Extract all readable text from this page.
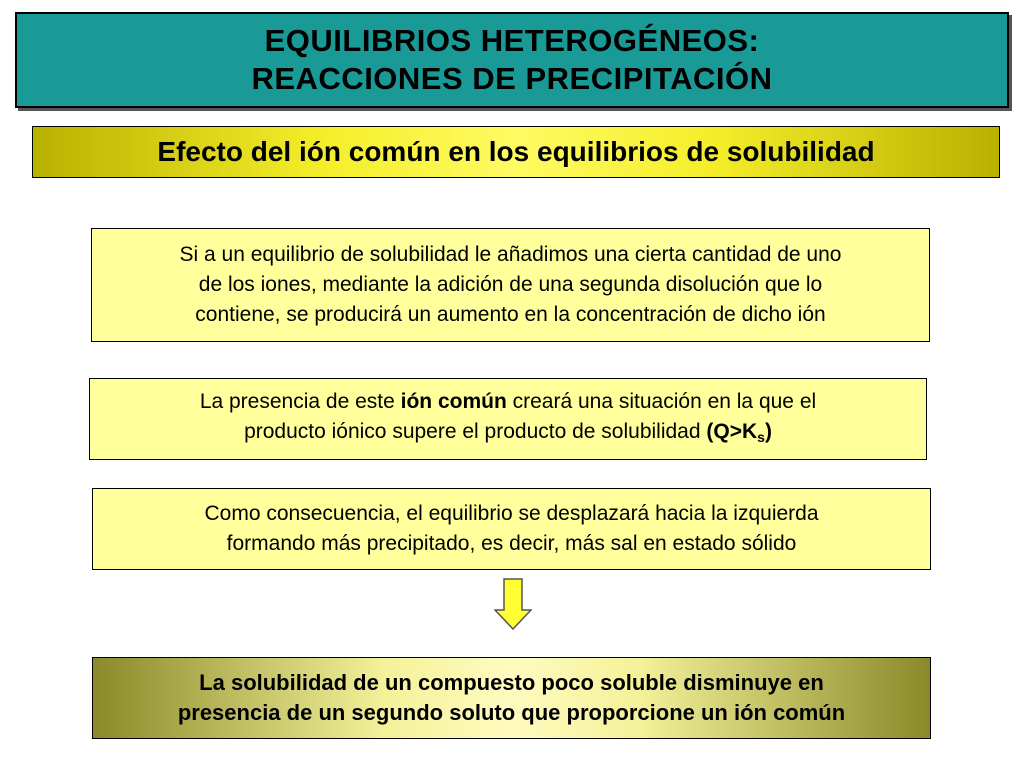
EQUILIBRIOS HETEROGÉNEOS:
REACCIONES DE PRECIPITACIÓN
Efecto del ión común en los equilibrios de solubilidad
Si a un equilibrio de solubilidad le añadimos una cierta cantidad de uno
de los iones, mediante la adición de una segunda disolución que lo
contiene, se producirá un aumento en la concentración de dicho ión
La presencia de este ión común creará una situación en la que el
producto iónico supere el producto de solubilidad $(Q>K_s)$
Como consecuencia, el equilibrio se desplazará hacia la izquierda
formando más precipitado, es decir, más sal en estado sólido
La solubilidad de un compuesto poco soluble disminuye en
presencia de un segundo soluto que proporcione un ión común
